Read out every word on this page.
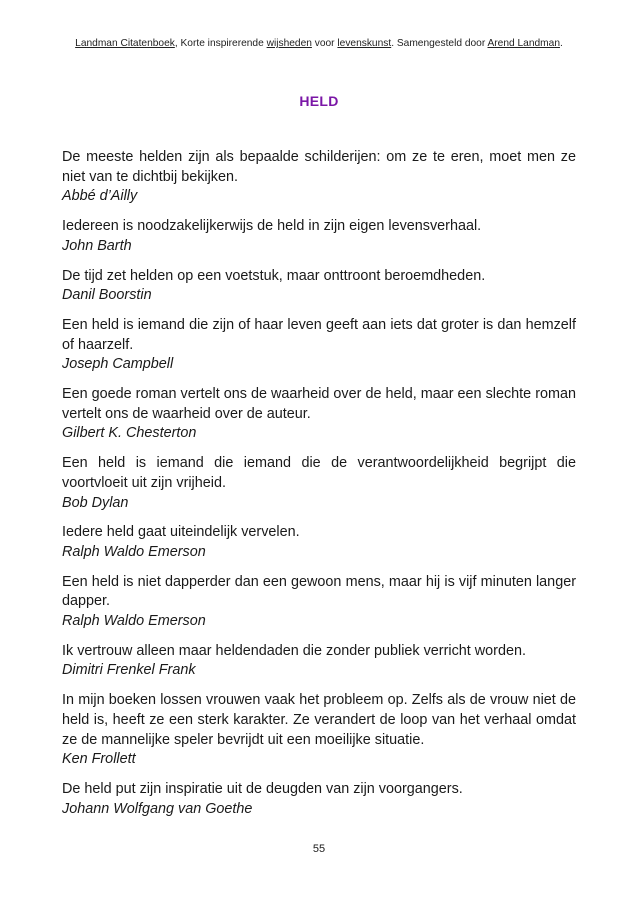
Landman Citatenboek, Korte inspirerende wijsheden voor levenskunst. Samengesteld door Arend Landman.
HELD
De meeste helden zijn als bepaalde schilderijen: om ze te eren, moet men ze niet van te dichtbij bekijken.
Abbé d’Ailly
Iedereen is noodzakelijkerwijs de held in zijn eigen levensverhaal.
John Barth
De tijd zet helden op een voetstuk, maar onttroont beroemdheden.
Danil Boorstin
Een held is iemand die zijn of haar leven geeft aan iets dat groter is dan hemzelf of haarzelf.
Joseph Campbell
Een goede roman vertelt ons de waarheid over de held, maar een slechte roman vertelt ons de waarheid over de auteur.
Gilbert K. Chesterton
Een held is iemand die iemand die de verantwoordelijkheid begrijpt die voortvloeit uit zijn vrijheid.
Bob Dylan
Iedere held gaat uiteindelijk vervelen.
Ralph Waldo Emerson
Een held is niet dapperder dan een gewoon mens, maar hij is vijf minuten langer dapper.
Ralph Waldo Emerson
Ik vertrouw alleen maar heldendaden die zonder publiek verricht worden.
Dimitri Frenkel Frank
In mijn boeken lossen vrouwen vaak het probleem op. Zelfs als de vrouw niet de held is, heeft ze een sterk karakter. Ze verandert de loop van het verhaal omdat ze de mannelijke speler bevrijdt uit een moeilijke situatie.
Ken Frollett
De held put zijn inspiratie uit de deugden van zijn voorgangers.
Johann Wolfgang van Goethe
55
